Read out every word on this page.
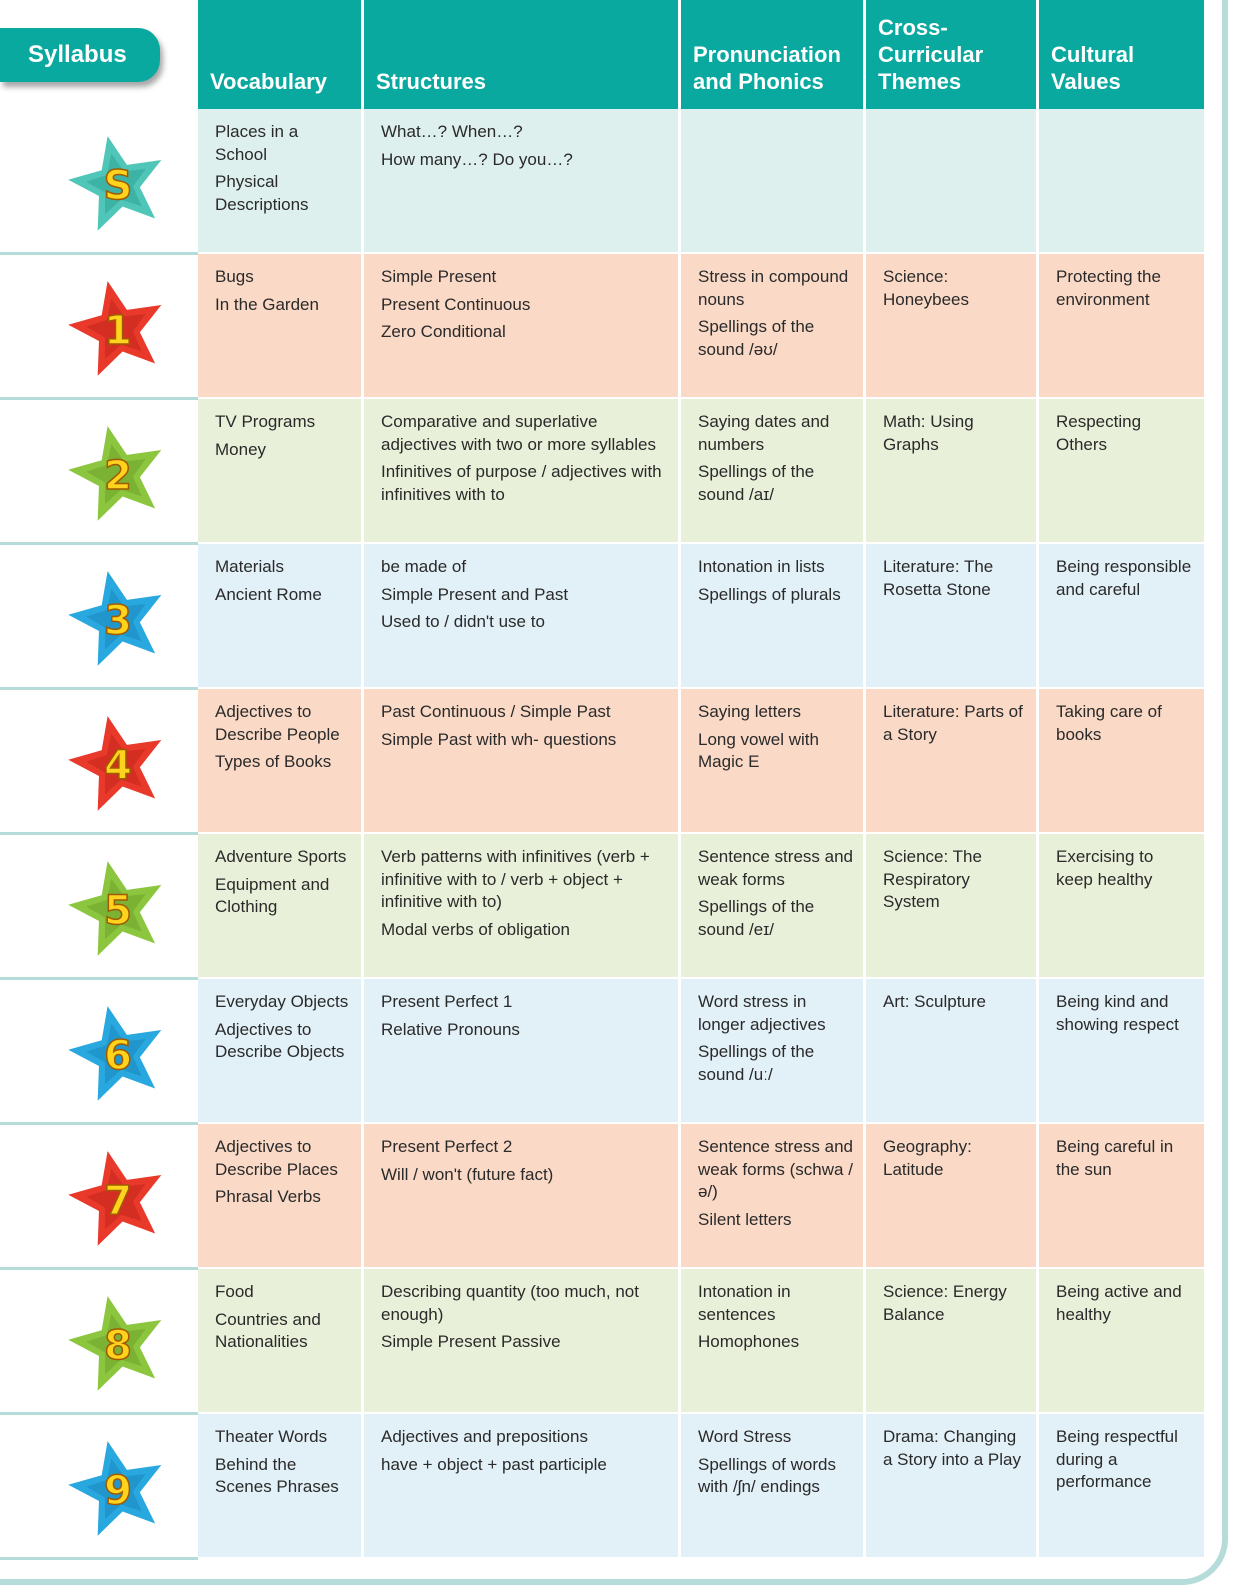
Syllabus
Vocabulary	Structures
Pronunciation
and Phonics
Cross-
Curricular
Themes
Cultural
Values
S
Places in a School
Physical Descriptions
What…? When…?
How many…? Do you…?
1
Bugs
In the Garden
Simple Present
Present Continuous
Zero Conditional
Stress in compound nouns
Spellings of the sound /əʊ/
Science: Honeybees
Protecting the environment
2
TV Programs
Money
Comparative and superlative adjectives with two or more syllables
Infinitives of purpose / adjectives with infinitives with to
Saying dates and numbers
Spellings of the sound /aɪ/
Math: Using Graphs
Respecting Others
3
Materials
Ancient Rome
be made of
Simple Present and Past
Used to / didn't use to
Intonation in lists
Spellings of plurals
Literature: The Rosetta Stone
Being responsible and careful
4
Adjectives to Describe People
Types of Books
Past Continuous / Simple Past
Simple Past with wh- questions
Saying letters
Long vowel with Magic E
Literature: Parts of a Story
Taking care of books
5
Adventure Sports
Equipment and Clothing
Verb patterns with infinitives (verb + infinitive with to / verb + object + infinitive with to)
Modal verbs of obligation
Sentence stress and weak forms
Spellings of the sound /eɪ/
Science: The Respiratory System
Exercising to keep healthy
6
Everyday Objects
Adjectives to Describe Objects
Present Perfect 1
Relative Pronouns
Word stress in longer adjectives
Spellings of the sound /uː/
Art: Sculpture	Being kind and showing respect
7
Adjectives to Describe Places
Phrasal Verbs
Present Perfect 2
Will / won't (future fact)
Sentence stress and weak forms (schwa /ə/)
Silent letters
Geography: Latitude
Being careful in the sun
8
Food
Countries and Nationalities
Describing quantity (too much, not enough)
Simple Present Passive
Intonation in sentences
Homophones
Science: Energy Balance
Being active and healthy
9
Theater Words
Behind the Scenes Phrases
Adjectives and prepositions
have + object + past participle
Word Stress
Spellings of words with /ʃn/ endings
Drama: Changing a Story into a Play
Being respectful during a performance
